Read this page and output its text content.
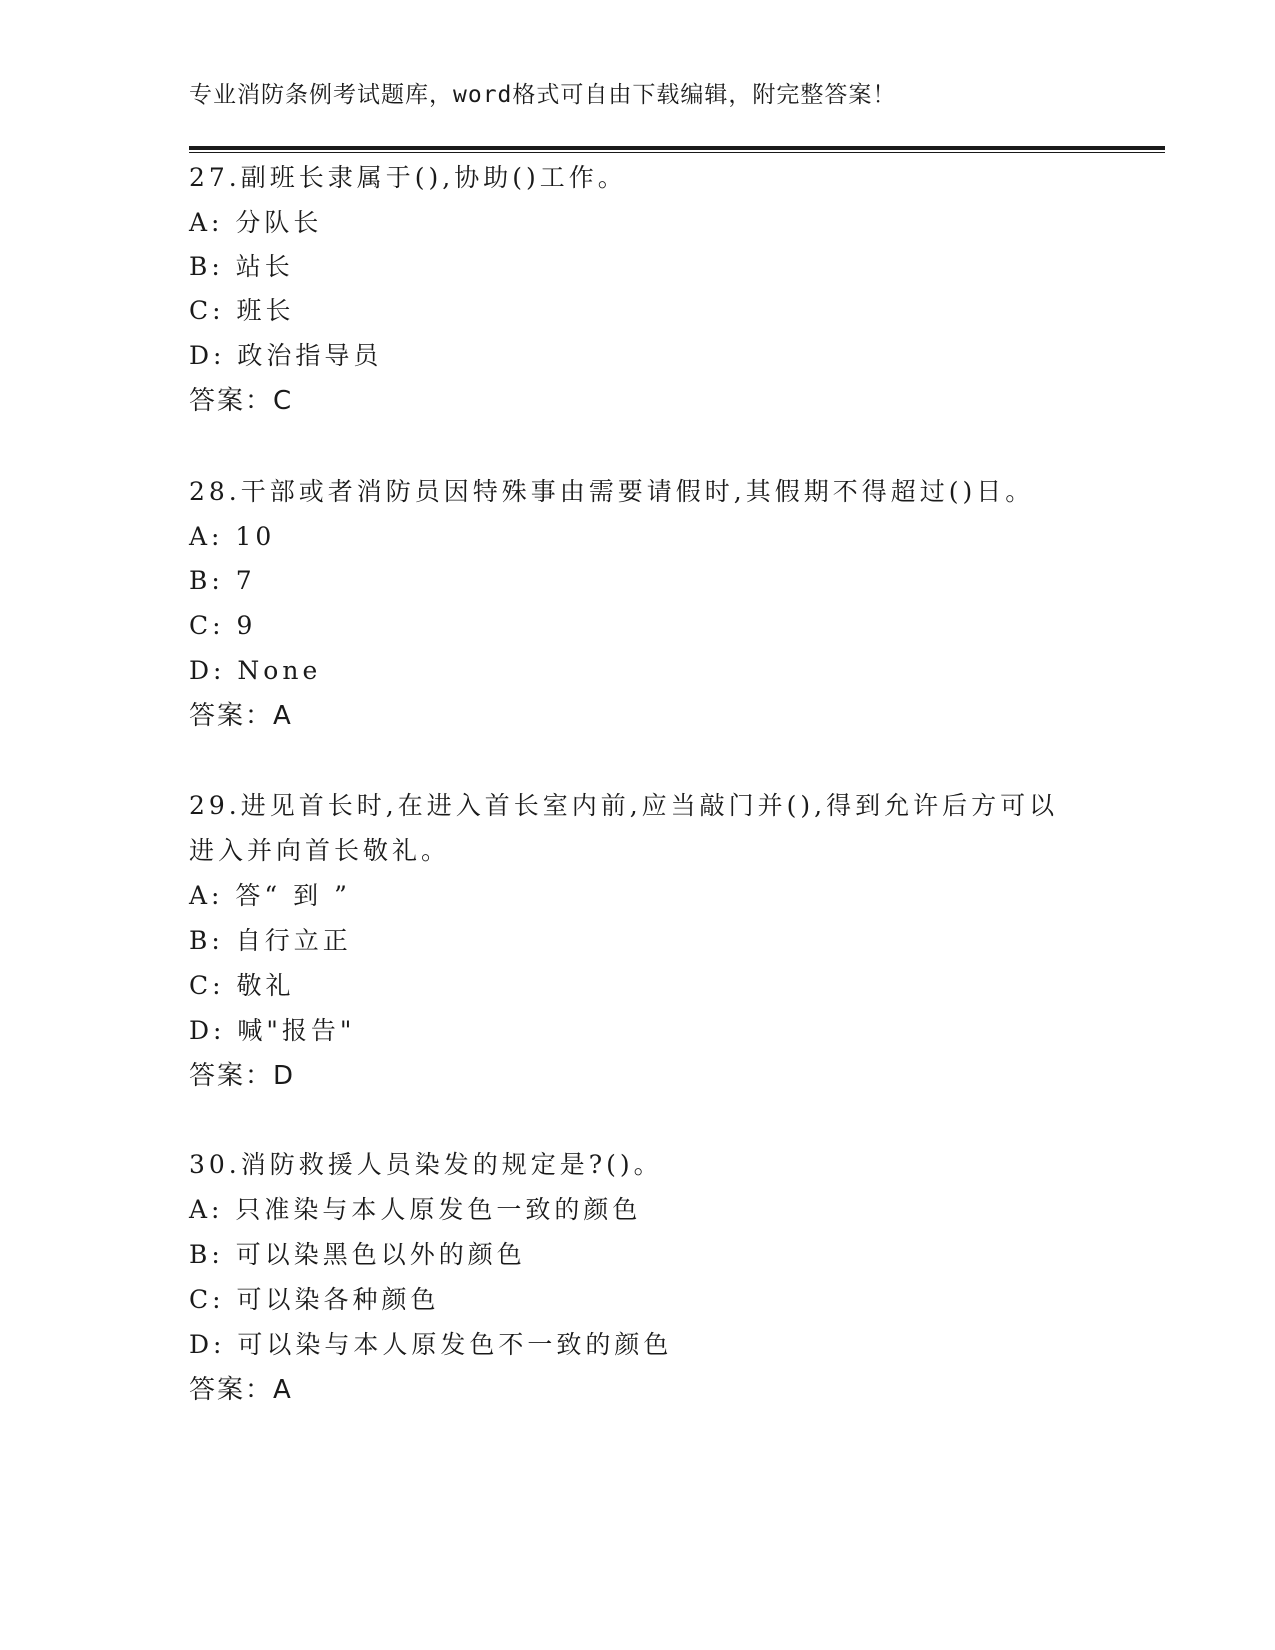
专业消防条例考试题库，word格式可自由下载编辑，附完整答案！
27.副班长隶属于(),协助()工作。
A: 分队长
B: 站长
C: 班长
D: 政治指导员
答案：C
28.干部或者消防员因特殊事由需要请假时,其假期不得超过()日。
A: 10
B: 7
C: 9
D: None
答案：A
29.进见首长时,在进入首长室内前,应当敲门并(),得到允许后方可以
进入并向首长敬礼。
A: 答“ 到 ”
B: 自行立正
C: 敬礼
D: 喊"报告"
答案：D
30.消防救援人员染发的规定是?()。
A: 只准染与本人原发色一致的颜色
B: 可以染黑色以外的颜色
C: 可以染各种颜色
D: 可以染与本人原发色不一致的颜色
答案：A
